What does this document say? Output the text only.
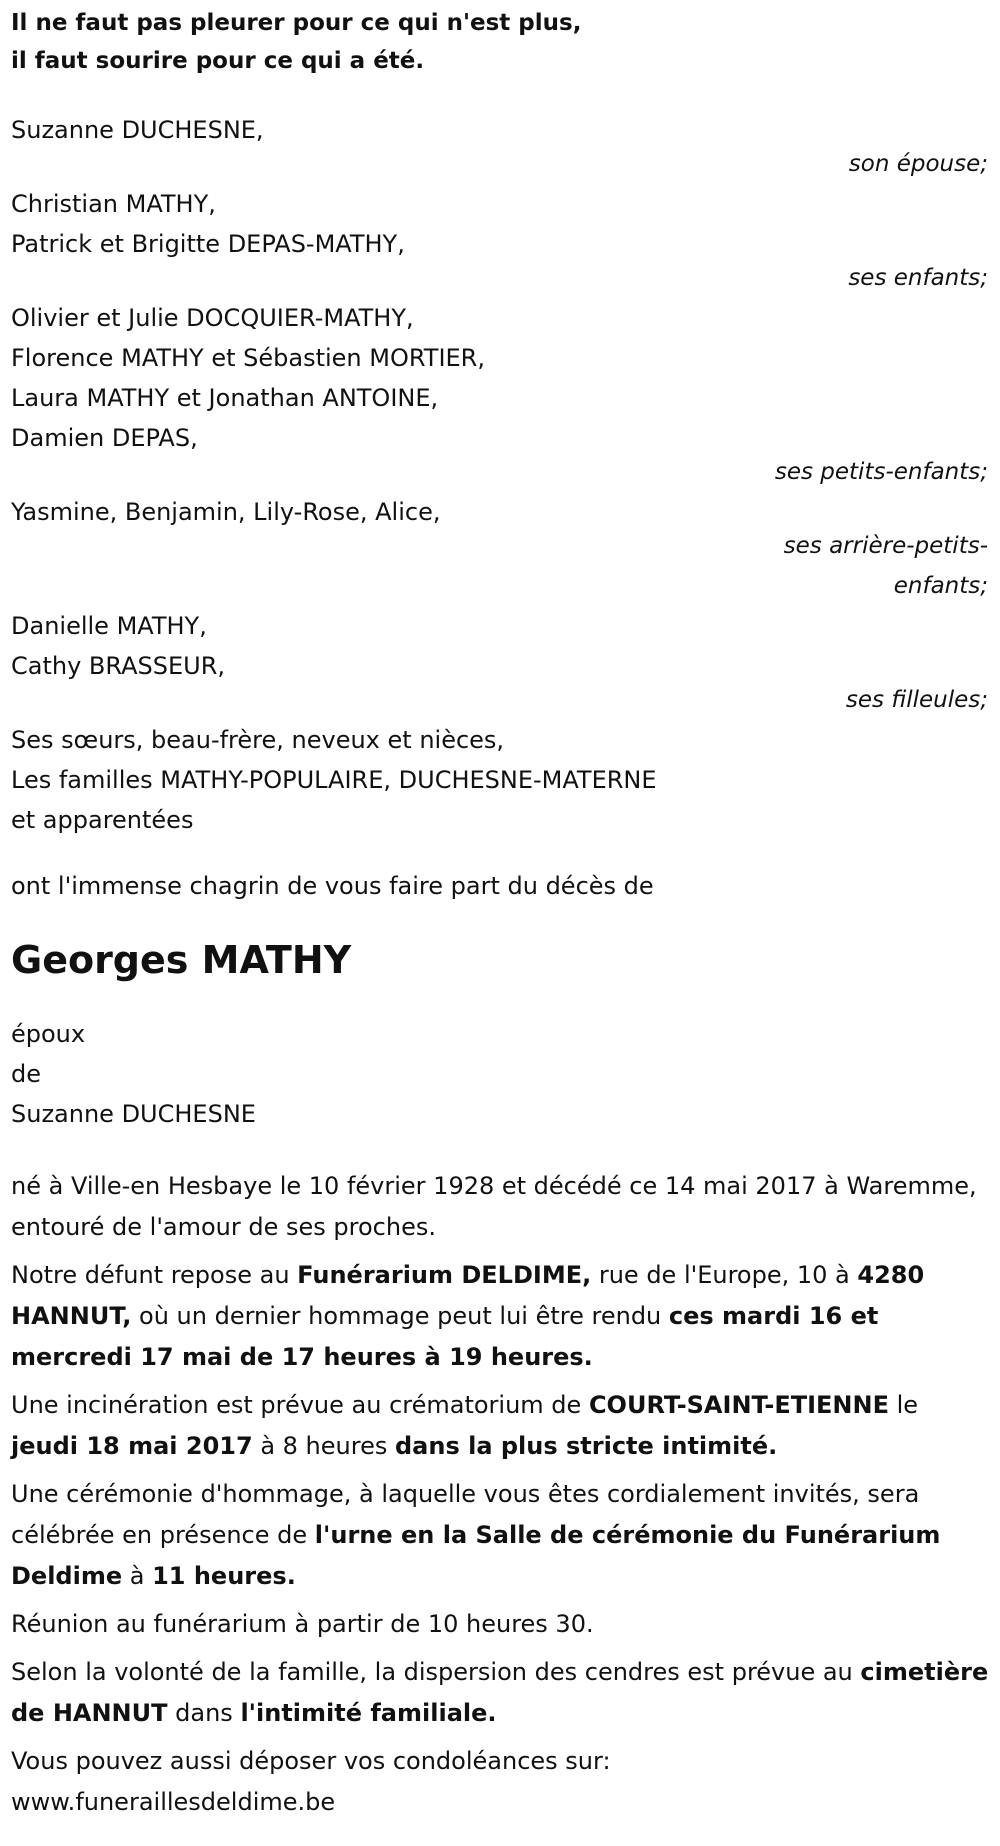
Il ne faut pas pleurer pour ce qui n'est plus,
il faut sourire pour ce qui a été.
Suzanne DUCHESNE,
son épouse;
Christian MATHY,
Patrick et Brigitte DEPAS-MATHY,
ses enfants;
Olivier et Julie DOCQUIER-MATHY,
Florence MATHY et Sébastien MORTIER,
Laura MATHY et Jonathan ANTOINE,
Damien DEPAS,
ses petits-enfants;
Yasmine, Benjamin, Lily-Rose, Alice,
ses arrière-petits-
enfants;
Danielle MATHY,
Cathy BRASSEUR,
ses filleules;
Ses sœurs, beau-frère, neveux et nièces,
Les familles MATHY-POPULAIRE, DUCHESNE-MATERNE
et apparentées
ont l'immense chagrin de vous faire part du décès de
Georges MATHY
époux
de
Suzanne DUCHESNE
né à Ville-en Hesbaye le 10 février 1928 et décédé ce 14 mai 2017 à Waremme, entouré de l'amour de ses proches.
Notre défunt repose au Funérarium DELDIME, rue de l'Europe, 10 à 4280 HANNUT, où un dernier hommage peut lui être rendu ces mardi 16 et mercredi 17 mai de 17 heures à 19 heures.
Une incinération est prévue au crématorium de COURT-SAINT-ETIENNE le jeudi 18 mai 2017 à 8 heures dans la plus stricte intimité.
Une cérémonie d'hommage, à laquelle vous êtes cordialement invités, sera célébrée en présence de l'urne en la Salle de cérémonie du Funérarium Deldime à 11 heures.
Réunion au funérarium à partir de 10 heures 30.
Selon la volonté de la famille, la dispersion des cendres est prévue au cimetière de HANNUT dans l'intimité familiale.
Vous pouvez aussi déposer vos condoléances sur:
www.funeraillesdeldime.be
